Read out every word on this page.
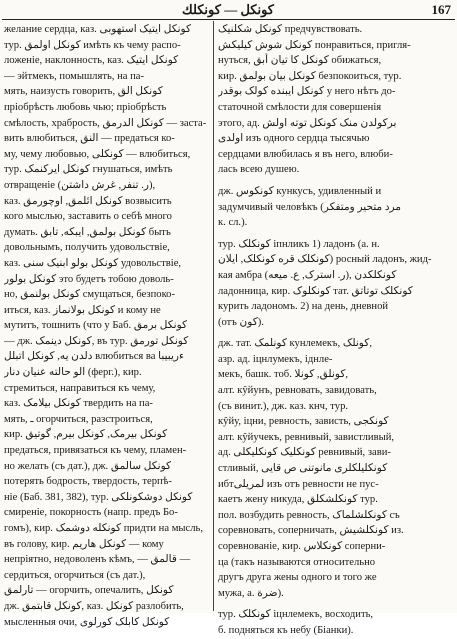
كونكل — كونكلك	167
желание сердца, каз. کونکل ایتیک استهوبی
тур. کونکل اولمق имѣть къ чему распо-
ложеніе, наклонность, каз. کونکل ایتیک
— эйтмекъ, помышлять, на па-
мять, наизусть говорить, کونکل الق
пріобрѣсть любовь чью; пріобрѣсть
смѣлость, храбрость, کونکل الدرمق — заста-
вить влюбиться, النق — предаться ко-
му, чему любовью, کونکلی — влюбиться,
тур. کونکل ایرکنمک гнушаться, имѣть
отвращеніе (ر. تنفر, غرش داشتن),
каз. کونکل ائلمق, اوچورمق возвысить
кого мыслью, заставить о себѣ много
думать. کونکل بولمق, ایبکه, تابق быть
довольнымъ, получить удовольствіе,
каз. کونکل بولو ابنیک سنی удовольствіе,
کونکل بولور это будетъ тобою доволь-
но, کونکل بولنمق смущаться, безпоко-
иться, каз. کونکل بولانماز и кому не
мутитъ, тошнить (что у Баб. کونکل برمق
— дж. کونکل دینمک, въ тур. کونکل تورمق
دلدن یه, کونکل اتبلل влюбиться ва ءریبیبا
الو حالته عنیان دنار (ферг.), кир.
стремиться, направиться къ чему,
каз. کونکل بیلامک твердить на па-
мять, ـ огорчиться, разстроиться,
кир. کونکل بیرمک, کونکل بیرم, گوتیق
предаться, привязаться къ чему, пламен-
но желать (съ дат.), дж. کونکل سالمق
потерять бодрость, твердость, терпѣ-
ніе (Баб. 381, 382), тур. کونکل دوشکونلکی
смиреніе, покорность (напр. предъ Бо-
гомъ), кир. کونکله دوشمک придти на мысль,
въ голову, кир. کونکل هاریم — кому
непріятно, недоволенъ кѣмъ, — قالمق —
сердиться, огорчиться (съ дат.),
تارلمق — огорчить, опечалить, کونکل
дж. کونکل قابتمق, каз. کونکل разлобить,
мысленныя очи, کونکل کابلک کورلوی
کونکل شکلنیک предчувствовать.
کونکل شوش کیلیکش понравиться, пригля-
нуться, کونکل کا تیان أبق обижаться,
кир. کونکل بیان بولمق безпокоиться, тур.
کونکل ایبنده کولک بوقدر у него нѣтъ до-
статочной смѣлости для совершенія
этого, ад. برکولدن منک کونکل توته اولش
اولدی изъ одного сердца тысячью
сердцами влюбилась я въ него, влюби-
лась всею душею.
дж. کونکوس кункусъ, удивленный и
задумчивый человѣкъ (مرد متحیر ومتفکر
к. сл.).
тур. کونکلک іпнликъ 1) ладонъ (а. н.
کونکلک قره کونکلک, ایلان) росный ладонъ, жид-
кая амбра (ر. استرک, ع. میعه), کونکلكدن
ладонница, кир. کونکلوک тат. کونکلک توتاتق
курить ладономъ. 2) на день, дневной
(отъ کون).
дж. тат. کونلمک кунлемекъ, کونلک,
азр. ад. іцнлумекъ, іднле-
мекъ, башк. тоб. کونلق, کونلا,
алт. кŷйунъ, ревновать, завидовать,
(съ винит.), дж. каз. кнч, тур.
кŷйу, іцни, ревность, зависть, کونکجی
алт. кŷйучекъ, ревнивый, завистливый,
ад. کونکلیک کونکلیکلی ревнивый, зави-
стливый, کونکلیلکلری مانوتنی ص قایی
ибтلمریلی изъ отъ ревности не пус-
каетъ жену никуда, کونکلشکلق тур.
пол. возбудить ревность, کونکلشلماک съ
соревновать, соперничать, کونکلشیش из.
соревнованіе, кир. کونکلاس соперни-
ца (такъ называются относительно
другъ друга жены одного и того же
мужа, а. ضرة).
тур. کونکلک іцнлемекъ, восходить,
б. подняться къ небу (Біанки).
